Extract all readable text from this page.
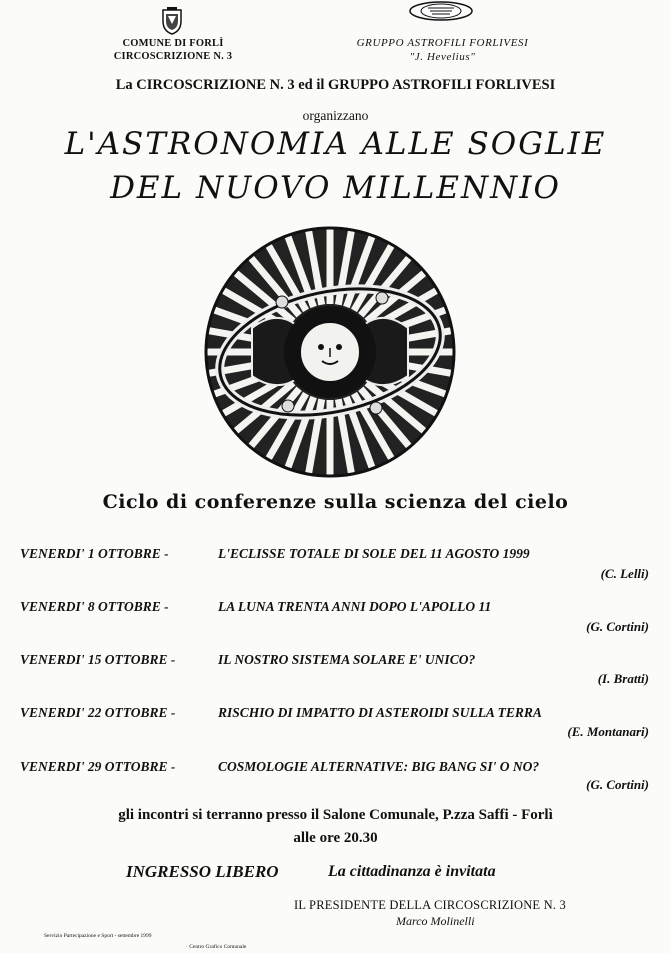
COMUNE DI FORLÌ
CIRCOSCRIZIONE N. 3
GRUPPO ASTROFILI FORLIVESI
"J. Hevelius"
La CIRCOSCRIZIONE N. 3 ed il GRUPPO ASTROFILI FORLIVESI
organizzano
L'ASTRONOMIA ALLE SOGLIE
DEL NUOVO MILLENNIO
Ciclo di conferenze sulla scienza del cielo
VENERDI' 1 OTTOBRE -	L'ECLISSE TOTALE DI SOLE DEL 11 AGOSTO 1999
(C. Lelli)
VENERDI' 8 OTTOBRE -	LA LUNA TRENTA ANNI DOPO L'APOLLO 11
(G. Cortini)
VENERDI' 15 OTTOBRE -	IL NOSTRO SISTEMA SOLARE E' UNICO?
(I. Bratti)
VENERDI' 22 OTTOBRE -	RISCHIO DI IMPATTO DI ASTEROIDI SULLA TERRA
(E. Montanari)
VENERDI' 29 OTTOBRE -	COSMOLOGIE ALTERNATIVE: BIG BANG SI' O NO?
(G. Cortini)
gli incontri si terranno presso il Salone Comunale, P.zza Saffi - Forlì
alle ore 20.30
INGRESSO LIBERO	La cittadinanza è invitata
IL PRESIDENTE DELLA CIRCOSCRIZIONE N. 3
Marco Molinelli
Servizio Partecipazione e Sport - settembre 1999
· Centro Grafico Comunale
